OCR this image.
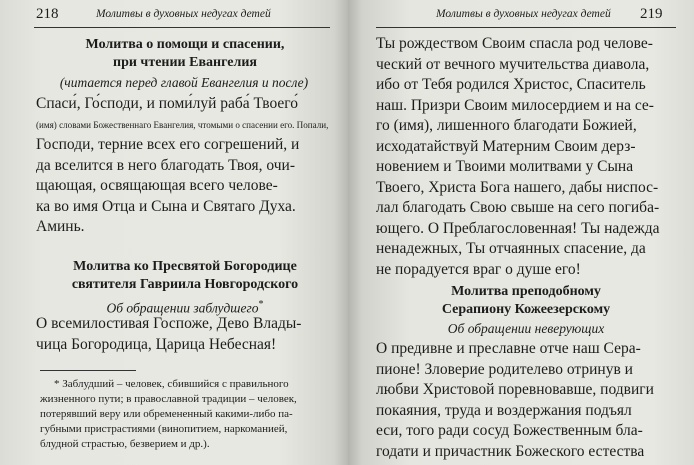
218	Молитвы в духовных недугах детей
Молитва о помощи и спасении,
при чтении Евангелия
(читается перед главой Евангелия и после)
Спаси́, Го́споди, и поми́луй раба́ Твоего́
(имя) словами Божественнаго Евангелия, чтомыми о спасении его. Попали,
Господи, терние всех его согрешений, и
да вселится в него благодать Твоя, очи-
щающая, освящающая всего челове-
ка во имя Отца и Сына и Святаго Духа.
Аминь.
Молитва ко Пресвятой Богородице
святителя Гавриила Новгородского
Об обращении заблудшего*
О всемилостивая Госпоже, Дево Влады-
чица Богородица, Царица Небесная!
* Заблудший – человек, сбившийся с правильного
жизненного пути; в православной традиции – человек,
потерявший веру или обремененный какими-либо па-
губными пристрастиями (винопитием, наркоманией,
блудной страстью, безверием и др.).
Молитвы в духовных недугах детей 219
Ты рождеством Своим спасла род челове-
ческий от вечного мучительства диавола,
ибо от Тебя родился Христос, Спаситель
наш. Призри Своим милосердием и на се-
го (имя), лишенного благодати Божией,
исходатайствуй Матерним Своим дерз-
новением и Твоими молитвами у Сына
Твоего, Христа Бога нашего, дабы ниспос-
лал благодать Свою свыше на сего погиба-
ющего. О Преблагословенная! Ты надежда
ненадежных, Ты отчаянных спасение, да
не порадуется враг о душе его!
Молитва преподобному
Серапиону Кожеезерскому
Об обращении неверующих
О предивне и преславне отче наш Сера-
пионе! Зловерие родителево отринув и
любви Христовой поревновавше, подвиги
покаяния, труда и воздержания подъял
еси, того ради сосуд Божественным бла-
годати и причастник Божеского естества
